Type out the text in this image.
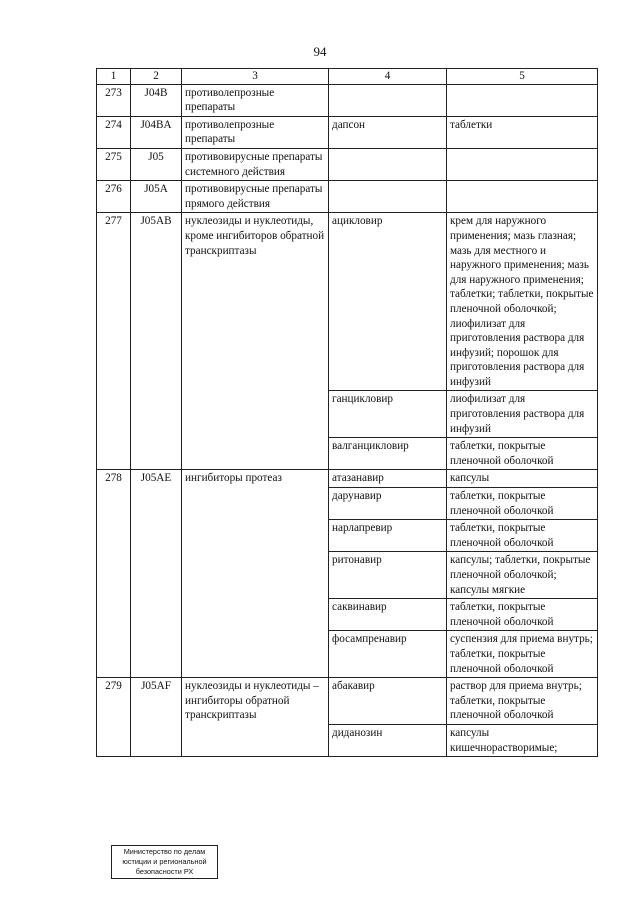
94
1	2	3	4	5
273	J04B	противолепрозные препараты		
274	J04BA	противолепрозные препараты	дапсон	таблетки
275	J05	противовирусные препараты системного действия		
276	J05A	противовирусные препараты прямого действия		
277	J05AB	нуклеозиды и нуклеотиды, кроме ингибиторов обратной транскриптазы	ацикловир	крем для наружного применения; мазь глазная; мазь для местного и наружного применения; мазь для наружного применения; таблетки; таблетки, покрытые пленочной оболочкой; лиофилизат для приготовления раствора для инфузий; порошок для приготовления раствора для инфузий
			ганцикловир	лиофилизат для приготовления раствора для инфузий
			валганцикловир	таблетки, покрытые пленочной оболочкой
278	J05AE	ингибиторы протеаз	атазанавир	капсулы
			дарунавир	таблетки, покрытые пленочной оболочкой
			нарлапревир	таблетки, покрытые пленочной оболочкой
			ритонавир	капсулы; таблетки, покрытые пленочной оболочкой; капсулы мягкие
			саквинавир	таблетки, покрытые пленочной оболочкой
			фосампренавир	суспензия для приема внутрь; таблетки, покрытые пленочной оболочкой
279	J05AF	нуклеозиды и нуклеотиды – ингибиторы обратной транскриптазы	абакавир	раствор для приема внутрь; таблетки, покрытые пленочной оболочкой
			диданозин	капсулы кишечнорастворимые;
Министерство по делам
юстиции и региональной
безопасности РХ
